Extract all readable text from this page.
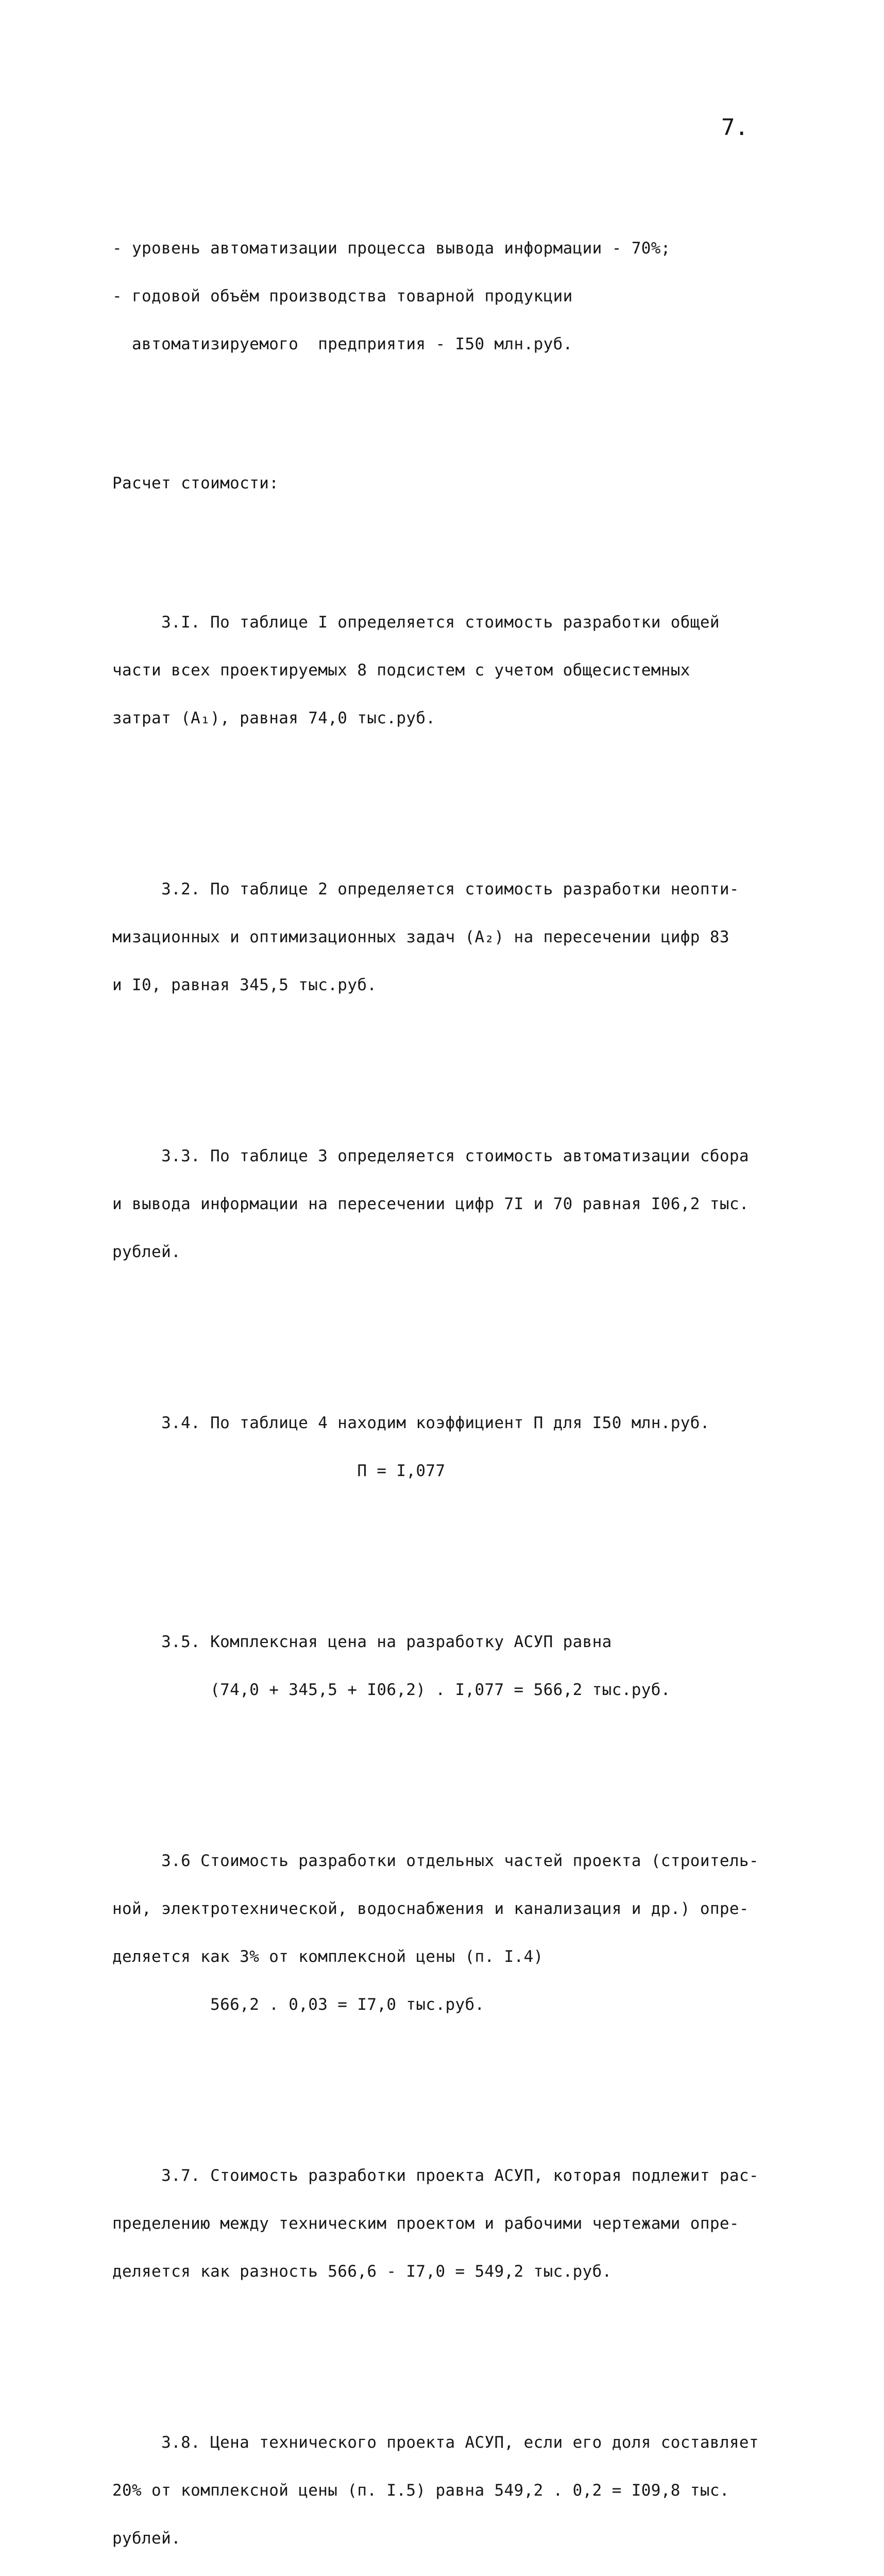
7.

- уровень автоматизации процесса вывода информации - 70%;

- годовой объём производства товарной продукции

автоматизируемого  предприятия - I50 млн.руб.

Расчет стоимости:

3.I. По таблице I определяется стоимость разработки общей

части всех проектируемых 8 подсистем с учетом общесистемных

затрат (A₁), равная 74,0 тыс.руб.

3.2. По таблице 2 определяется стоимость разработки неопти-

мизационных и оптимизационных задач (A₂) на пересечении цифр 83

и I0, равная 345,5 тыс.руб.

3.3. По таблице 3 определяется стоимость автоматизации сбора

и вывода информации на пересечении цифр 7I и 70 равная I06,2 тыс.

рублей.

3.4. По таблице 4 находим коэффициент П для I50 млн.руб.

П = I,077

3.5. Комплексная цена на разработку АСУП равна

(74,0 + 345,5 + I06,2) . I,077 = 566,2 тыс.руб.

3.6 Стоимость разработки отдельных частей проекта (строитель-

ной, электротехнической, водоснабжения и канализация и др.) опре-

деляется как 3% от комплексной цены (п. I.4)

566,2 . 0,03 = I7,0 тыс.руб.

3.7. Стоимость разработки проекта АСУП, которая подлежит рас-

пределению между техническим проектом и рабочими чертежами опре-

деляется как разность 566,6 - I7,0 = 549,2 тыс.руб.

3.8. Цена технического проекта АСУП, если его доля составляет

20% от комплексной цены (п. I.5) равна 549,2 . 0,2 = I09,8 тыс.

рублей.
